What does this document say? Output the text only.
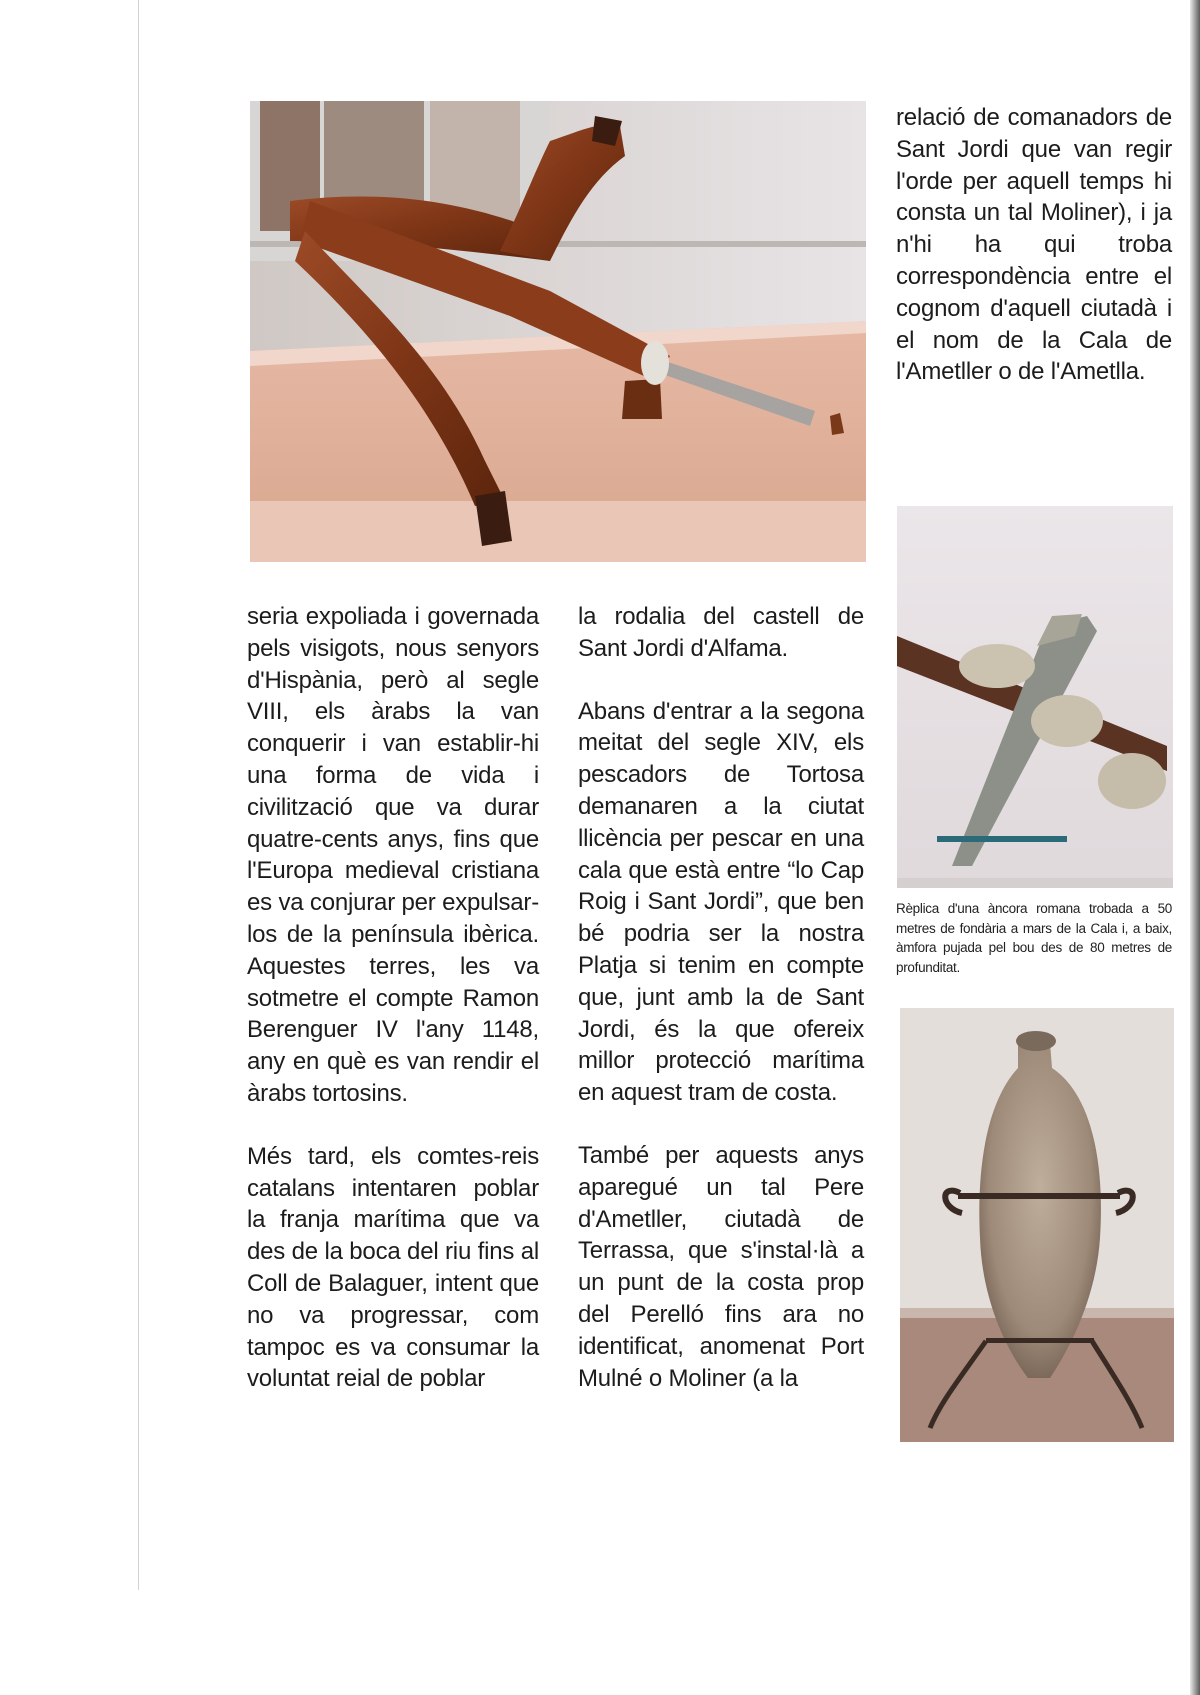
relació de comanadors de Sant Jordi que van regir l'orde per aquell temps hi consta un tal Moliner), i ja n'hi ha qui troba correspondència entre el cognom d'aquell ciutadà i el nom de la Cala de l'Ametller o de l'Ametlla.

Rèplica d'una àncora romana trobada a 50 metres de fondària a mars de la Cala i, a baix, àmfora pujada pel bou des de 80 metres de profunditat.

seria expoliada i governada pels visigots, nous senyors d'Hispània, però al segle VIII, els àrabs la van conquerir i van establir-hi una forma de vida i civilització que va durar quatre-cents anys, fins que l'Europa medieval cristiana es va conjurar per expulsar-los de la península ibèrica. Aquestes terres, les va sotmetre el compte Ramon Berenguer IV l'any 1148, any en què es van rendir el àrabs tortosins.

Més tard, els comtes-reis catalans intentaren poblar la franja marítima que va des de la boca del riu fins al Coll de Balaguer, intent que no va progressar, com tampoc es va consumar la voluntat reial de poblar

la rodalia del castell de Sant Jordi d'Alfama.

Abans d'entrar a la segona meitat del segle XIV, els pescadors de Tortosa demanaren a la ciutat llicència per pescar en una cala que està entre “lo Cap Roig i Sant Jordi”, que ben bé podria ser la nostra Platja si tenim en compte que, junt amb la de Sant Jordi, és la que ofereix millor protecció marítima en aquest tram de costa.

També per aquests anys aparegué un tal Pere d'Ametller, ciutadà de Terrassa, que s'instal·là a un punt de la costa prop del Perelló fins ara no identificat, anomenat Port Mulné o Moliner (a la
